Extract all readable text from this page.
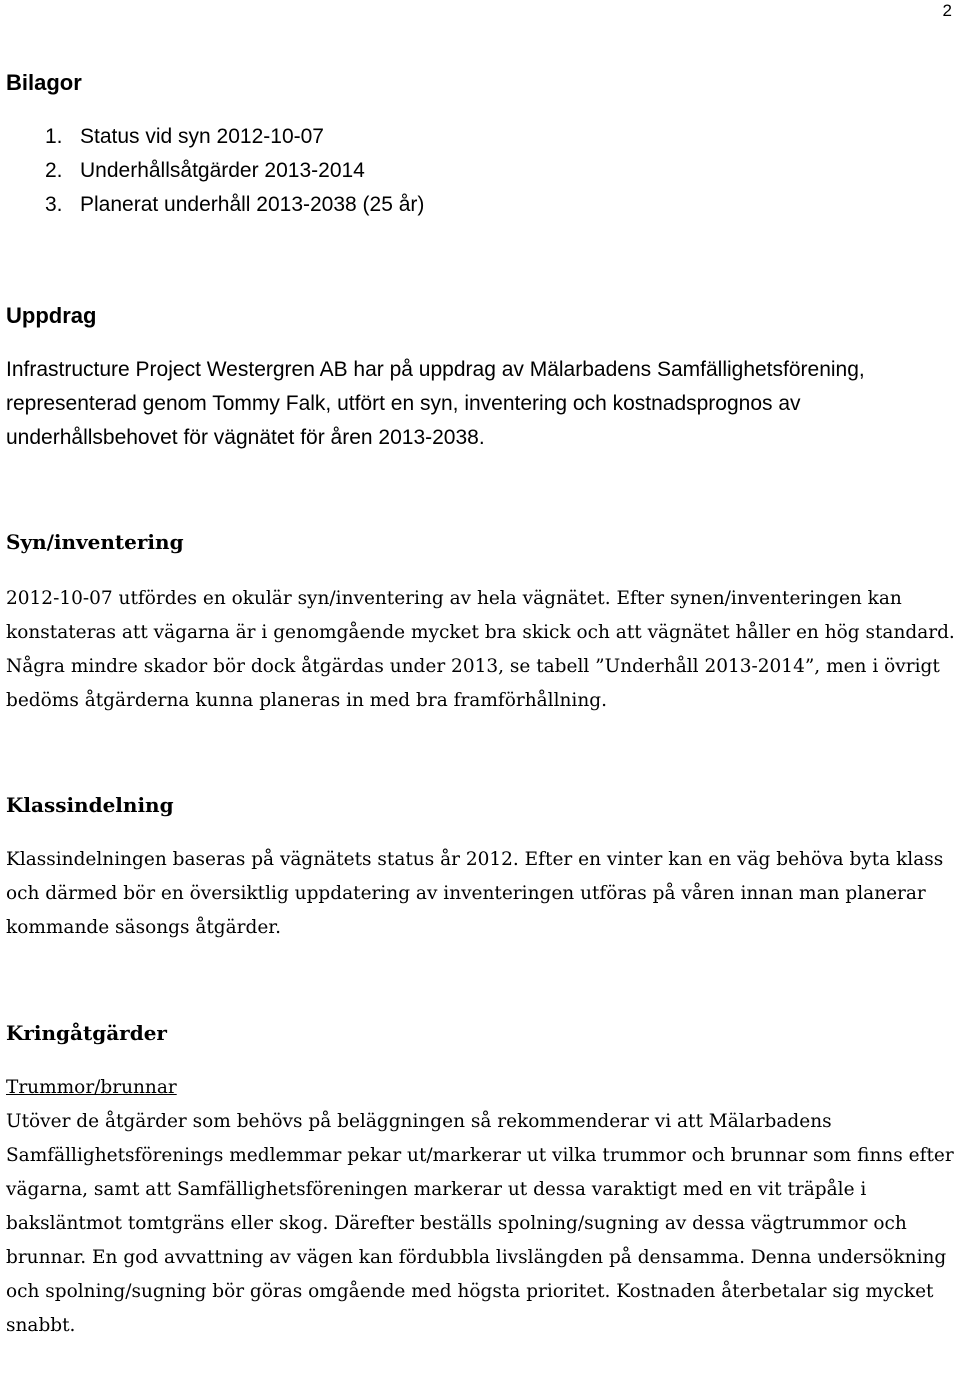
2
Bilagor
1. Status vid syn 2012-10-07
2. Underhållsåtgärder 2013-2014
3. Planerat underhåll 2013-2038 (25 år)
Uppdrag

Infrastructure Project Westergren AB har på uppdrag av Mälarbadens Samfällighetsförening, representerad genom Tommy Falk, utfört en syn, inventering och kostnadsprognos av underhållsbehovet för vägnätet för åren 2013-2038.

Syn/inventering

2012-10-07 utfördes en okulär syn/inventering av hela vägnätet. Efter synen/inventeringen kan konstateras att vägarna är i genomgående mycket bra skick och att vägnätet håller en hög standard. Några mindre skador bör dock åtgärdas under 2013, se tabell ”Underhåll 2013-2014”, men i övrigt bedöms åtgärderna kunna planeras in med bra framförhållning.

Klassindelning

Klassindelningen baseras på vägnätets status år 2012. Efter en vinter kan en väg behöva byta klass och därmed bör en översiktlig uppdatering av inventeringen utföras på våren innan man planerar kommande säsongs åtgärder.

Kringåtgärder

Trummor/brunnar

Utöver de åtgärder som behövs på beläggningen så rekommenderar vi att Mälarbadens Samfällighetsförenings medlemmar pekar ut/markerar ut vilka trummor och brunnar som finns efter vägarna, samt att Samfällighetsföreningen markerar ut dessa varaktigt med en vit träpåle i baksläntmot tomtgräns eller skog. Därefter beställs spolning/sugning av dessa vägtrummor och brunnar. En god avvattning av vägen kan fördubbla livslängden på densamma. Denna undersökning och spolning/sugning bör göras omgående med högsta prioritet. Kostnaden återbetalar sig mycket snabbt.
